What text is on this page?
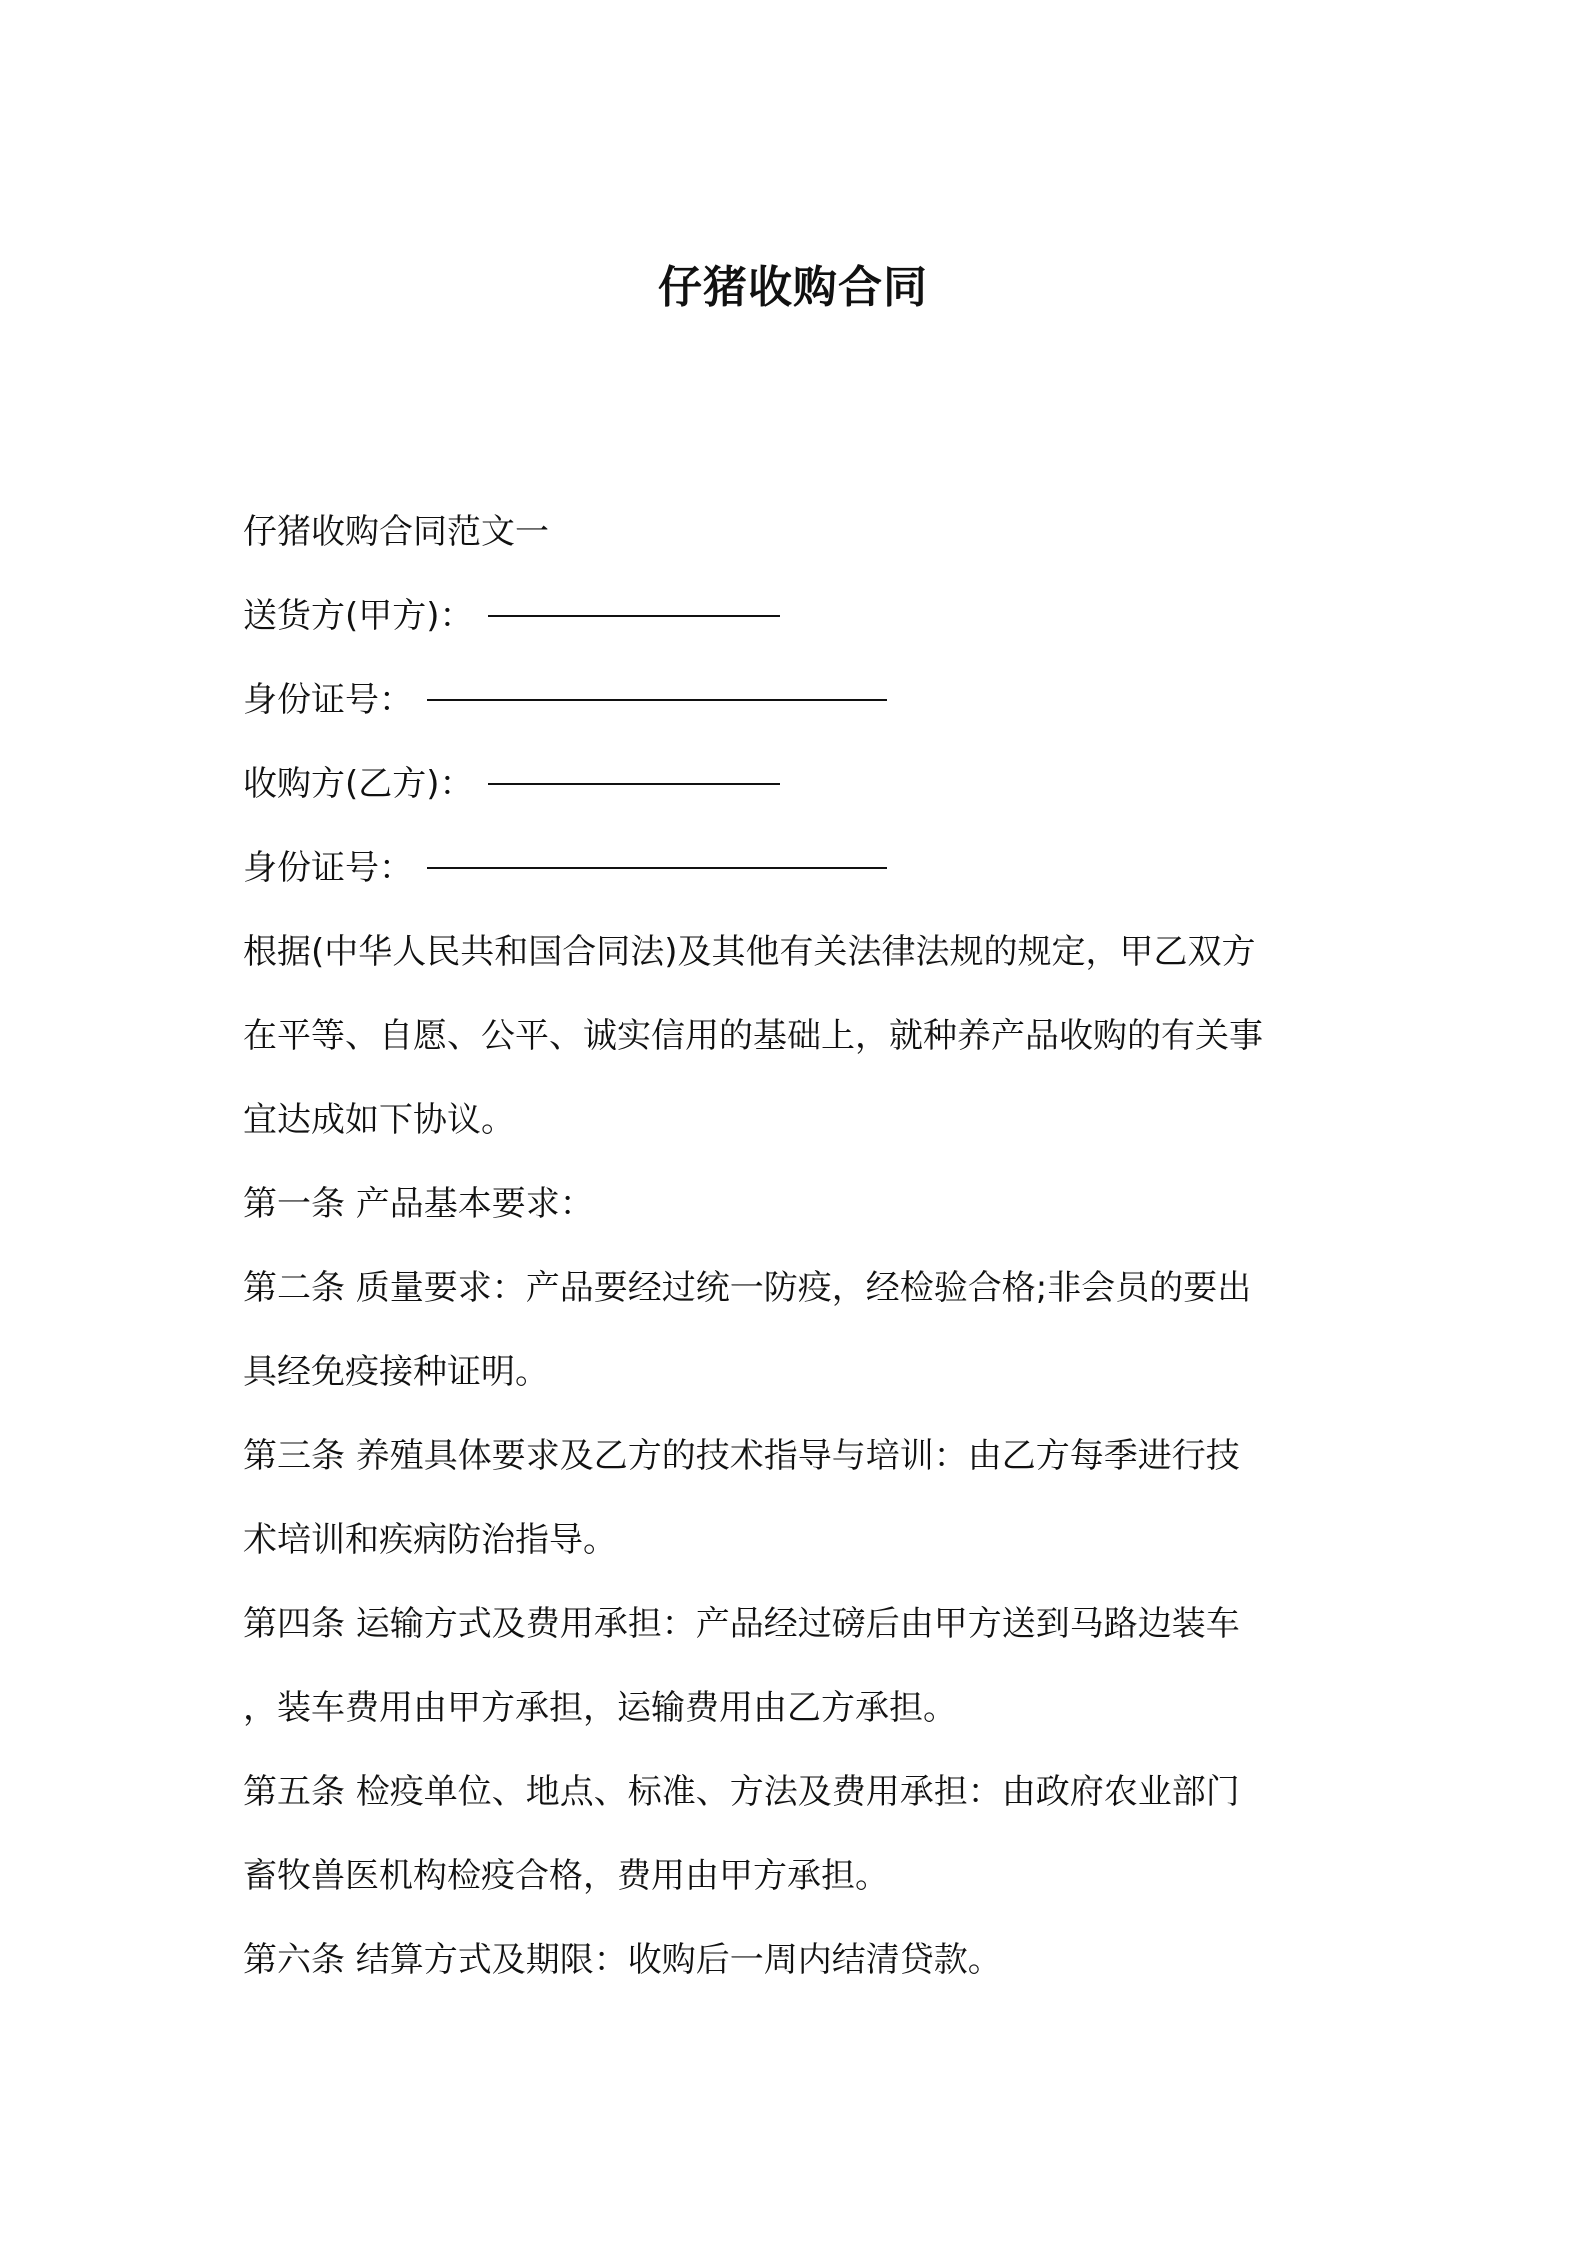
仔猪收购合同

仔猪收购合同范文一

送货方(甲方)：

身份证号：

收购方(乙方)：

身份证号：

根据(中华人民共和国合同法)及其他有关法律法规的规定，甲乙双方

在平等、自愿、公平、诚实信用的基础上，就种养产品收购的有关事

宜达成如下协议。

第一条 产品基本要求：

第二条 质量要求：产品要经过统一防疫，经检验合格;非会员的要出

具经免疫接种证明。

第三条 养殖具体要求及乙方的技术指导与培训：由乙方每季进行技

术培训和疾病防治指导。

第四条 运输方式及费用承担：产品经过磅后由甲方送到马路边装车

，装车费用由甲方承担，运输费用由乙方承担。

第五条 检疫单位、地点、标准、方法及费用承担：由政府农业部门

畜牧兽医机构检疫合格，费用由甲方承担。

第六条 结算方式及期限：收购后一周内结清贷款。
